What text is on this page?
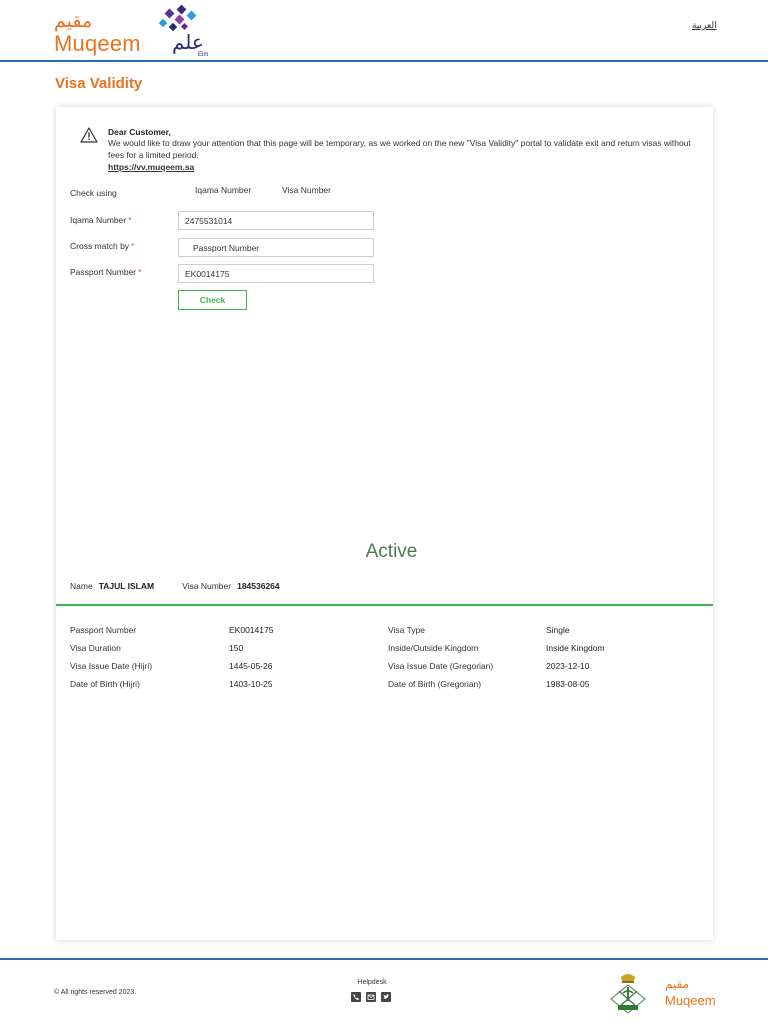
مقيم
Muqeem علم
Elm
العربية
Visa Validity
Dear Customer,
We would like to draw your attention that this page will be temporary, as we worked on the new "Visa Validity" portal to validate exit and return visas without fees for a limited period.
https://vv.muqeem.sa
Check using	Iqama Number	Visa Number
Iqama Number *	2475531014
Cross match by *	Passport Number
Passport Number *	EK0014175
Check
Active
Name TAJUL ISLAM	Visa Number 184536264
Passport Number	EK0014175	Visa Type	Single
Visa Duration	150	Inside/Outside Kingdom	Inside Kingdom
Visa Issue Date (Hijri)	1445-05-26	Visa Issue Date (Gregorian)	2023-12-10
Date of Birth (Hijri)	1403-10-25	Date of Birth (Gregorian)	1983-08-05
© All rights reserved 2023.
Helpdesk	مقيم
Muqeem
